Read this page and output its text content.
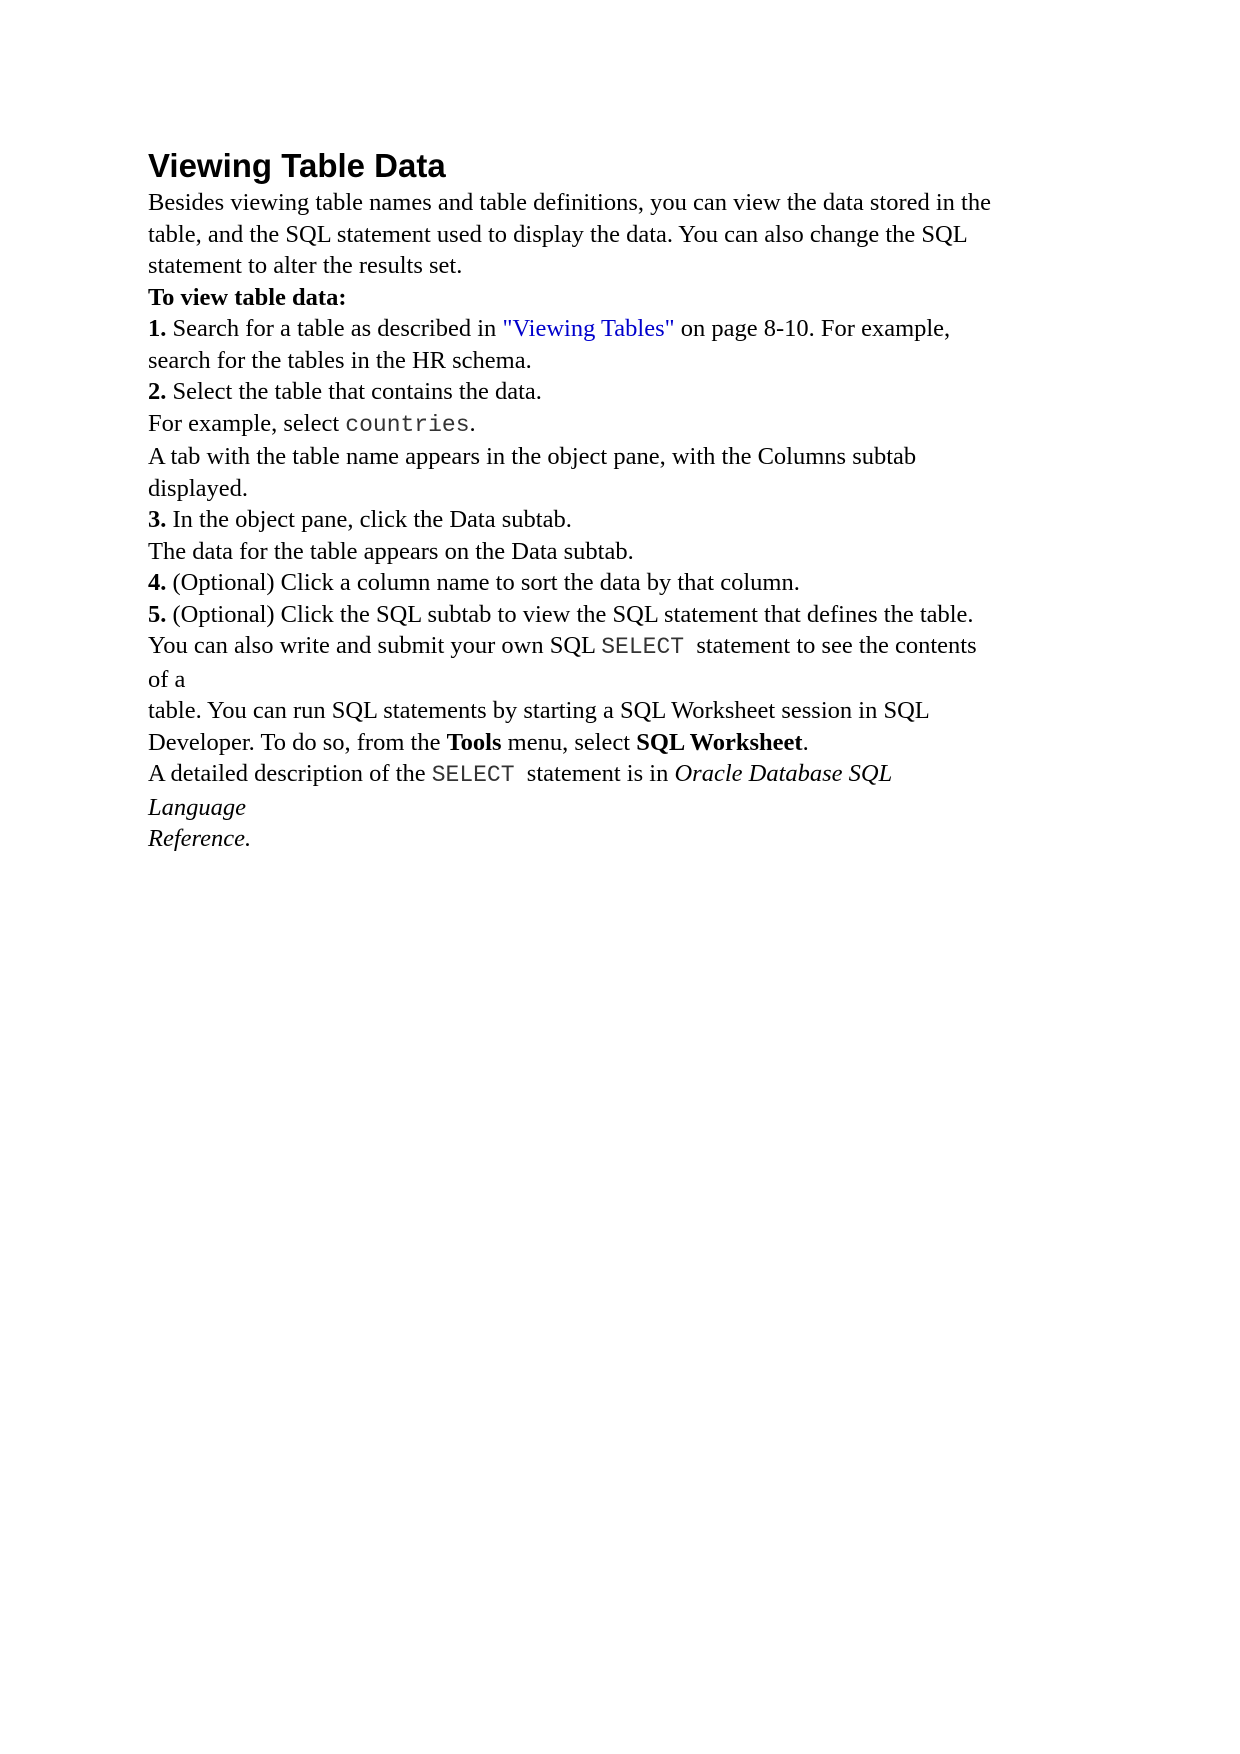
Viewing Table Data
Besides viewing table names and table definitions, you can view the data stored in the
table, and the SQL statement used to display the data. You can also change the SQL
statement to alter the results set.
To view table data:
1. Search for a table as described in "Viewing Tables" on page 8-10. For example,
search for the tables in the HR schema.
2. Select the table that contains the data.
For example, select countries.
A tab with the table name appears in the object pane, with the Columns subtab
displayed.
3. In the object pane, click the Data subtab.
The data for the table appears on the Data subtab.
4. (Optional) Click a column name to sort the data by that column.
5. (Optional) Click the SQL subtab to view the SQL statement that defines the table.
You can also write and submit your own SQL SELECT  statement to see the contents
of a
table. You can run SQL statements by starting a SQL Worksheet session in SQL
Developer. To do so, from the Tools menu, select SQL Worksheet.
A detailed description of the SELECT  statement is in Oracle Database SQL
Language
Reference.
